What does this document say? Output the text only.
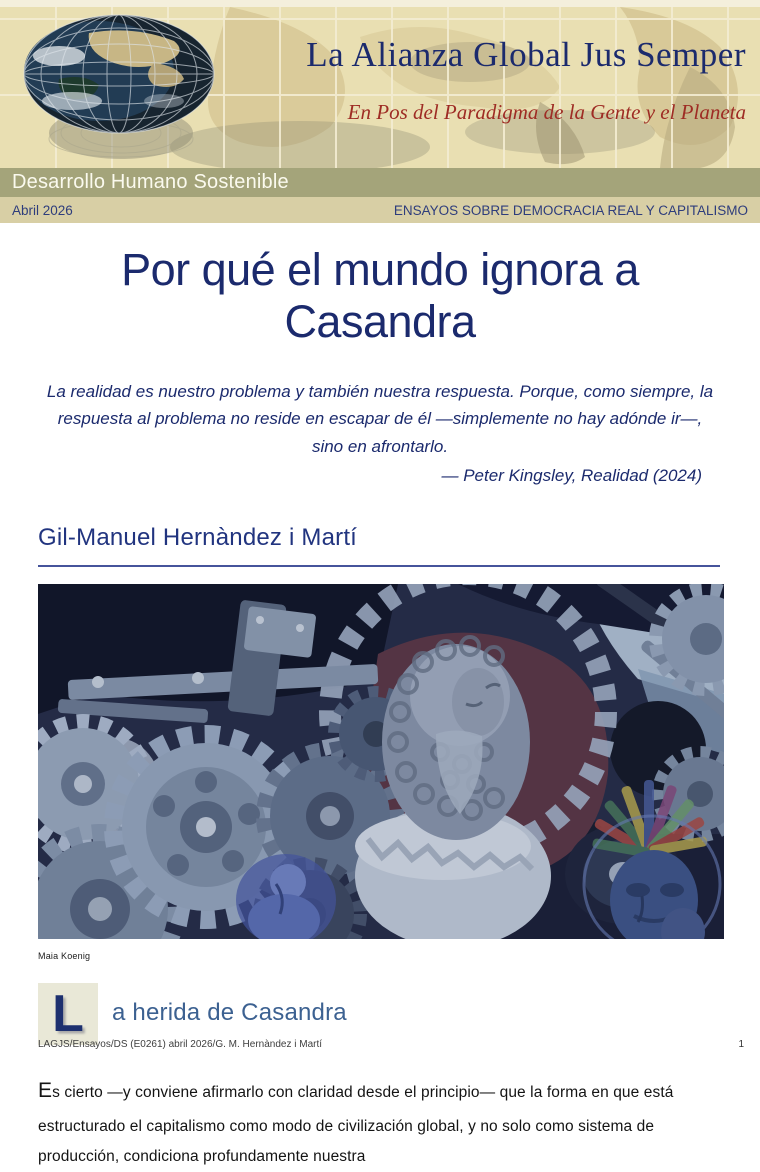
La Alianza Global Jus Semper
En Pos del Paradigma de la Gente y el Planeta
Desarrollo Humano Sostenible
Abril 2026	ENSAYOS SOBRE DEMOCRACIA REAL Y CAPITALISMO
Por qué el mundo ignora a Casandra
La realidad es nuestro problema y también nuestra respuesta. Porque, como siempre, la respuesta al problema no reside en escapar de él —simplemente no hay adónde ir—, sino en afrontarlo.
— Peter Kingsley, Realidad (2024)
Gil-Manuel Hernàndez i Martí
Maia Koenig
L a herida de Casandra

Es cierto —y conviene afirmarlo con claridad desde el principio— que la forma en que está estructurado el capitalismo como modo de civilización global, y no solo como sistema de producción, condiciona profundamente nuestra

LAGJS/Ensayos/DS (E0261) abril 2026/G. M. Hernàndez i Martí	1
